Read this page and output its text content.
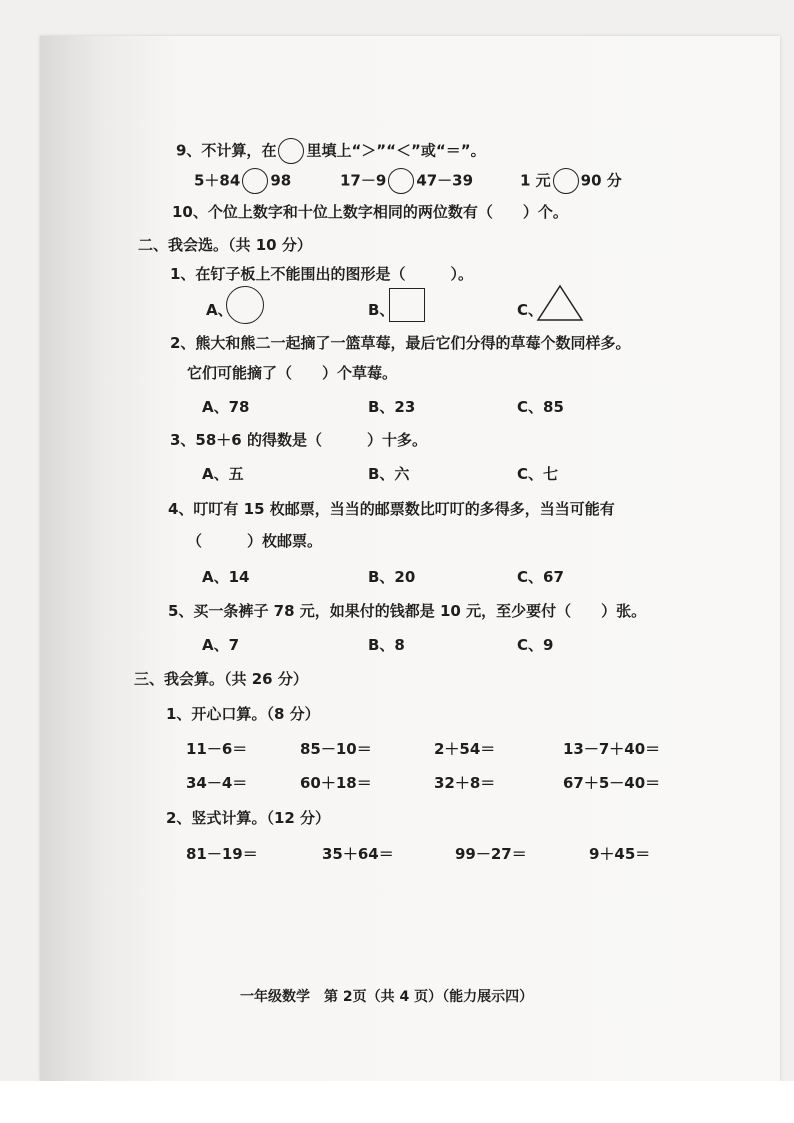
9、不计算，在 里填上“＞”“＜”或“＝”。
5＋84 98	17－9 47－39	1 元 90 分
10、个位上数字和十位上数字相同的两位数有（　　）个。
二、我会选。（共 10 分）
1、在钉子板上不能围出的图形是（　　　）。
A、	B、	C、
2、熊大和熊二一起摘了一篮草莓，最后它们分得的草莓个数同样多。
它们可能摘了（　　）个草莓。
A、78	B、23	C、85
3、58＋6 的得数是（　　　）十多。
A、五	B、六	C、七
4、叮叮有 15 枚邮票，当当的邮票数比叮叮的多得多，当当可能有
（　　　）枚邮票。
A、14	B、20	C、67
5、买一条裤子 78 元，如果付的钱都是 10 元，至少要付（　　）张。
A、7	B、8	C、9
三、我会算。（共 26 分）
1、开心口算。（8 分）
11－6＝	85－10＝	2＋54＝	13－7＋40＝
34－4＝	60＋18＝	32＋8＝	67＋5－40＝
2、竖式计算。（12 分）
81－19＝	35＋64＝	99－27＝	9＋45＝
一年级数学　第 2页（共 4 页）（能力展示四）
